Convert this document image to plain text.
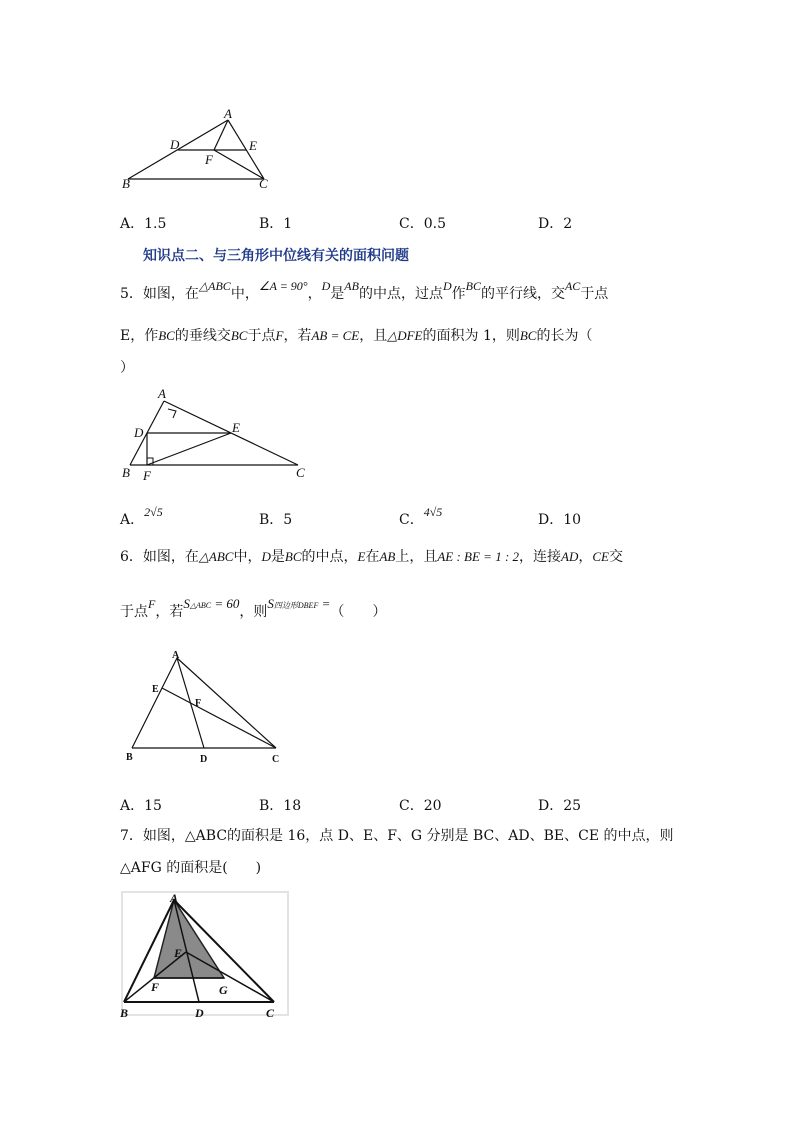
A
D	E
F
B	C
A．1.5	B．1	C．0.5	D．2
知识点二、与三角形中位线有关的面积问题
5．如图，在△ABC中，∠A = 90°，D是AB的中点，过点D作BC的平行线，交AC于点
E，作BC的垂线交BC于点F，若AB = CE，且△DFE的面积为 1，则BC的长为（
）
A
D	E
B F	C
A．2√5	B．5	C．4√5	D．10
6．如图，在△ABC中，D是BC的中点，E在AB上，且AE : BE = 1 : 2，连接AD，CE交
于点F，若S△ABC = 60，则S四边形DBEF =（　　）
A
E
F
B	D	C
A．15	B．18	C．20	D．25
7．如图，△ABC的面积是 16，点 D、E、F、G 分别是 BC、AD、BE、CE 的中点，则
△AFG 的面积是(　　)
A
E
F	G
B	D	C
